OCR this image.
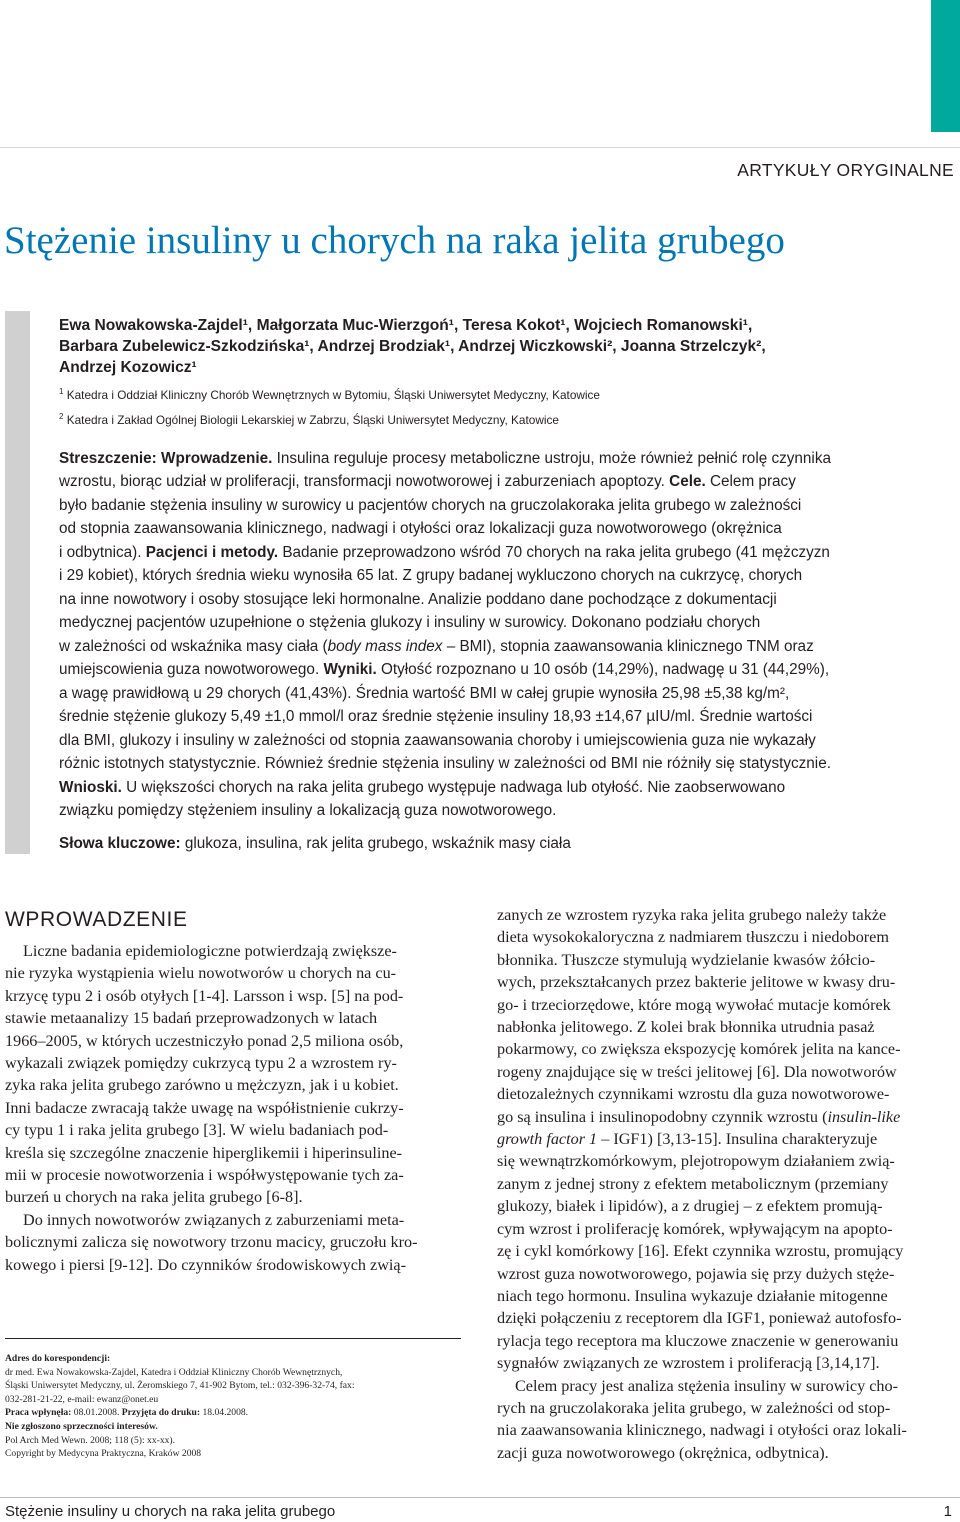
ARTYKUŁY ORYGINALNE
Stężenie insuliny u chorych na raka jelita grubego
Ewa Nowakowska-Zajdel¹, Małgorzata Muc-Wierzgoń¹, Teresa Kokot¹, Wojciech Romanowski¹,
Barbara Zubelewicz-Szkodzińska¹, Andrzej Brodziak¹, Andrzej Wiczkowski², Joanna Strzelczyk²,
Andrzej Kozowicz¹
$^1$ Katedra i Oddział Kliniczny Chorób Wewnętrznych w Bytomiu, Śląski Uniwersytet Medyczny, Katowice
$^2$ Katedra i Zakład Ogólnej Biologii Lekarskiej w Zabrzu, Śląski Uniwersytet Medyczny, Katowice
Streszczenie: Wprowadzenie. Insulina reguluje procesy metaboliczne ustroju, może również pełnić rolę czynnika
wzrostu, biorąc udział w proliferacji, transformacji nowotworowej i zaburzeniach apoptozy. Cele. Celem pracy
było badanie stężenia insuliny w surowicy u pacjentów chorych na gruczolakoraka jelita grubego w zależności
od stopnia zaawansowania klinicznego, nadwagi i otyłości oraz lokalizacji guza nowotworowego (okrężnica
i odbytnica). Pacjenci i metody. Badanie przeprowadzono wśród 70 chorych na raka jelita grubego (41 mężczyzn
i 29 kobiet), których średnia wieku wynosiła 65 lat. Z grupy badanej wykluczono chorych na cukrzycę, chorych
na inne nowotwory i osoby stosujące leki hormonalne. Analizie poddano dane pochodzące z dokumentacji
medycznej pacjentów uzupełnione o stężenia glukozy i insuliny w surowicy. Dokonano podziału chorych
w zależności od wskaźnika masy ciała (body mass index – BMI), stopnia zaawansowania klinicznego TNM oraz
umiejscowienia guza nowotworowego. Wyniki. Otyłość rozpoznano u 10 osób (14,29%), nadwagę u 31 (44,29%),
a wagę prawidłową u 29 chorych (41,43%). Średnia wartość BMI w całej grupie wynosiła 25,98 ±5,38 kg/m²,
średnie stężenie glukozy 5,49 ±1,0 mmol/l oraz średnie stężenie insuliny 18,93 ±14,67 µIU/ml. Średnie wartości
dla BMI, glukozy i insuliny w zależności od stopnia zaawansowania choroby i umiejscowienia guza nie wykazały
różnic istotnych statystycznie. Również średnie stężenia insuliny w zależności od BMI nie różniły się statystycznie.
Wnioski. U większości chorych na raka jelita grubego występuje nadwaga lub otyłość. Nie zaobserwowano
związku pomiędzy stężeniem insuliny a lokalizacją guza nowotworowego.
Słowa kluczowe: glukoza, insulina, rak jelita grubego, wskaźnik masy ciała
WPROWADZENIE
Liczne badania epidemiologiczne potwierdzają zwiększe-
nie ryzyka wystąpienia wielu nowotworów u chorych na cu-
krzycę typu 2 i osób otyłych [1-4]. Larsson i wsp. [5] na pod-
stawie metaanalizy 15 badań przeprowadzonych w latach
1966–2005, w których uczestniczyło ponad 2,5 miliona osób,
wykazali związek pomiędzy cukrzycą typu 2 a wzrostem ry-
zyka raka jelita grubego zarówno u mężczyzn, jak i u kobiet.
Inni badacze zwracają także uwagę na współistnienie cukrzy-
cy typu 1 i raka jelita grubego [3]. W wielu badaniach pod-
kreśla się szczególne znaczenie hiperglikemii i hiperinsuline-
mii w procesie nowotworzenia i współwystępowanie tych za-
burzeń u chorych na raka jelita grubego [6-8].
Do innych nowotworów związanych z zaburzeniami meta-
bolicznymi zalicza się nowotwory trzonu macicy, gruczołu kro-
kowego i piersi [9-12]. Do czynników środowiskowych zwią-
zanych ze wzrostem ryzyka raka jelita grubego należy także
dieta wysokokaloryczna z nadmiarem tłuszczu i niedoborem
błonnika. Tłuszcze stymulują wydzielanie kwasów żółcio-
wych, przekształcanych przez bakterie jelitowe w kwasy dru-
go- i trzeciorzędowe, które mogą wywołać mutacje komórek
nabłonka jelitowego. Z kolei brak błonnika utrudnia pasaż
pokarmowy, co zwiększa ekspozycję komórek jelita na kance-
rogeny znajdujące się w treści jelitowej [6]. Dla nowotworów
dietozależnych czynnikami wzrostu dla guza nowotworowe-
go są insulina i insulinopodobny czynnik wzrostu (insulin-like
growth factor 1 – IGF1) [3,13-15]. Insulina charakteryzuje
się wewnątrzkomórkowym, plejotropowym działaniem zwią-
zanym z jednej strony z efektem metabolicznym (przemiany
glukozy, białek i lipidów), a z drugiej – z efektem promują-
cym wzrost i proliferację komórek, wpływającym na apopto-
zę i cykl komórkowy [16]. Efekt czynnika wzrostu, promujący
wzrost guza nowotworowego, pojawia się przy dużych stęże-
niach tego hormonu. Insulina wykazuje działanie mitogenne
dzięki połączeniu z receptorem dla IGF1, ponieważ autofosfo-
rylacja tego receptora ma kluczowe znaczenie w generowaniu
sygnałów związanych ze wzrostem i proliferacją [3,14,17].
Celem pracy jest analiza stężenia insuliny w surowicy cho-
rych na gruczolakoraka jelita grubego, w zależności od stop-
nia zaawansowania klinicznego, nadwagi i otyłości oraz lokali-
zacji guza nowotworowego (okrężnica, odbytnica).
Adres do korespondencji:
dr med. Ewa Nowakowska-Zajdel, Katedra i Oddział Kliniczny Chorób Wewnętrznych,
Śląski Uniwersytet Medyczny, ul. Żeromskiego 7, 41-902 Bytom, tel.: 032-396-32-74, fax:
032-281-21-22, e-mail: ewanz@onet.eu
Praca wpłynęła: 08.01.2008. Przyjęta do druku: 18.04.2008.
Nie zgłoszono sprzeczności interesów.
Pol Arch Med Wewn. 2008; 118 (5): xx-xx).
Copyright by Medycyna Praktyczna, Kraków 2008
Stężenie insuliny u chorych na raka jelita grubego	1
